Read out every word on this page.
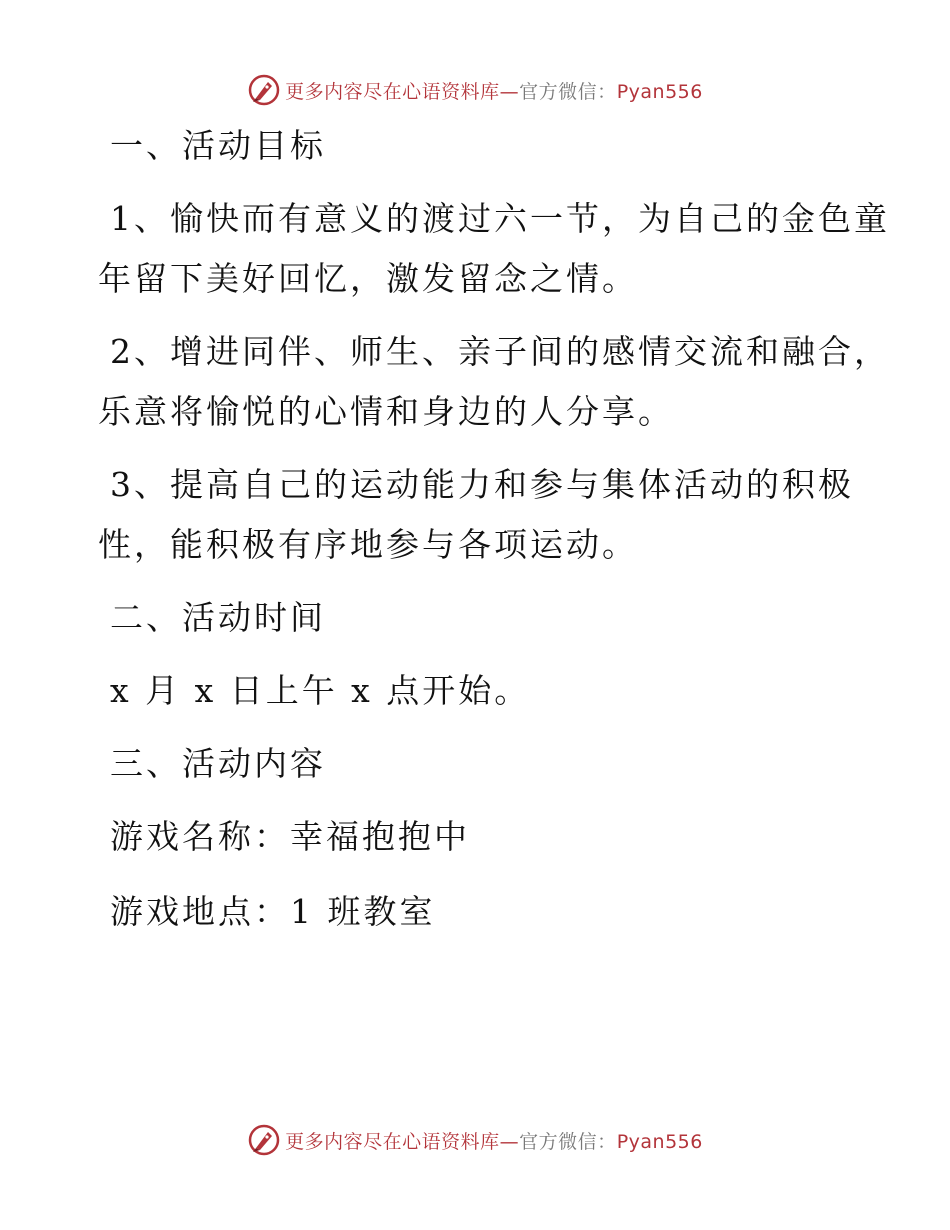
更多内容尽在心语资料库—官方微信：Pyan556
一、活动目标
1、愉快而有意义的渡过六一节，为自己的金色童
年留下美好回忆，激发留念之情。
2、增进同伴、师生、亲子间的感情交流和融合，
乐意将愉悦的心情和身边的人分享。
3、提高自己的运动能力和参与集体活动的积极
性，能积极有序地参与各项运动。
二、活动时间
x 月 x 日上午 x 点开始。
三、活动内容
游戏名称：幸福抱抱中
游戏地点：1 班教室
更多内容尽在心语资料库—官方微信：Pyan556
